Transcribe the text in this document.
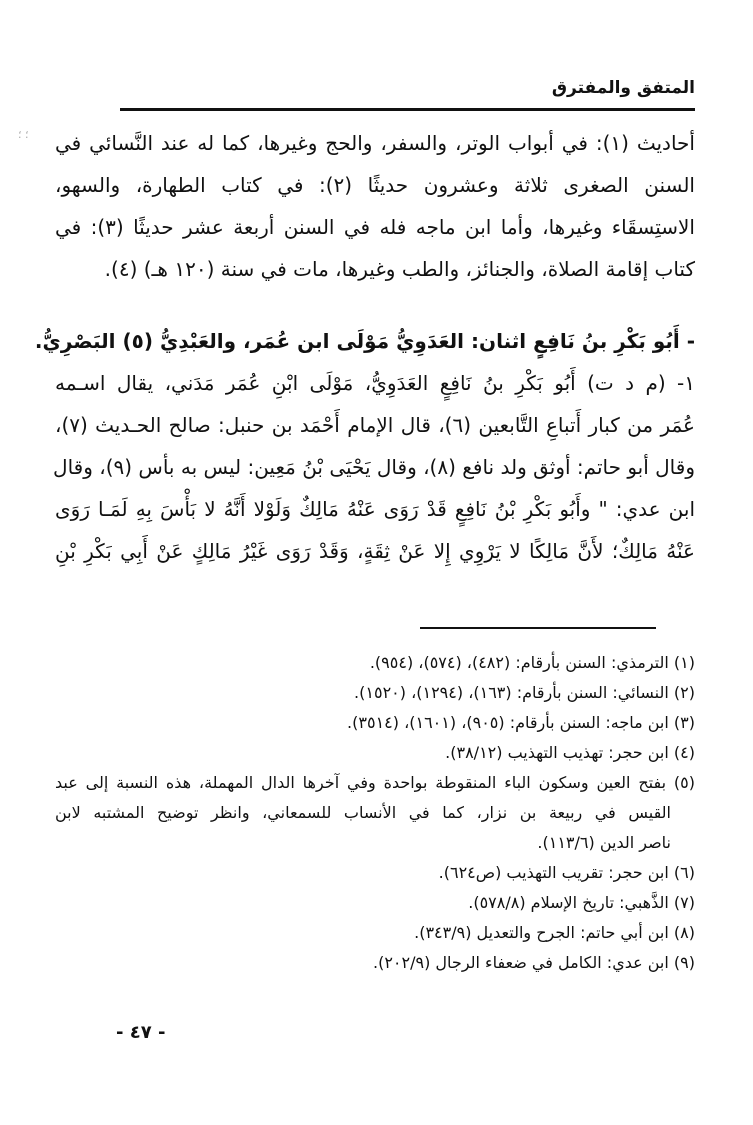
؛ ؛
المتفق والمفترق
أحاديث (١): في أبواب الوتر، والسفر، والحج وغيرها، كما له عند النَّسائي في
السنن الصغرى ثلاثة وعشرون حديثًا (٢): في كتاب الطهارة، والسهو،
الاستِسقَاء وغيرها، وأما ابن ماجه فله في السنن أربعة عشر حديثًا (٣): في
كتاب إقامة الصلاة، والجنائز، والطب وغيرها، مات في سنة (١٢٠ هـ) (٤).
- أَبُو بَكْرِ بنُ نَافِعٍ اثنان: العَدَوِيُّ مَوْلَى ابن عُمَر، والعَبْدِيُّ (٥) البَصْرِيُّ.
١- (م د ت) أَبُو بَكْرِ بنُ نَافِعٍ العَدَوِيُّ، مَوْلَى ابْنِ عُمَر مَدَني، يقال اسـمه
عُمَر من كبار أَتباعِ التَّابعين (٦)، قال الإمام أَحْمَد بن حنبل: صالح الحـديث (٧)،
وقال أبو حاتم: أوثق ولد نافع (٨)، وقال يَحْيَى بْنُ مَعِين: ليس به بأس (٩)، وقال
ابن عدي: " وأَبُو بَكْرِ بْنُ نَافِعٍ قَدْ رَوَى عَنْهُ مَالِكٌ وَلَوْلا أَنَّهُ لا بَأْسَ بِهِ لَمَـا رَوَى
عَنْهُ مَالِكٌ؛ لأَنَّ مَالِكًا لا يَرْوِي إِلا عَنْ ثِقَةٍ، وَقَدْ رَوَى غَيْرُ مَالِكٍ عَنْ أَبِي بَكْرِ بْنِ
(١) الترمذي: السنن بأرقام: (٤٨٢)، (٥٧٤)، (٩٥٤).
(٢) النسائي: السنن بأرقام: (١٦٣)، (١٢٩٤)، (١٥٢٠).
(٣) ابن ماجه: السنن بأرقام: (٩٠٥)، (١٦٠١)، (٣٥١٤).
(٤) ابن حجر: تهذيب التهذيب (٣٨/١٢).
(٥) بفتح العين وسكون الباء المنقوطة بواحدة وفي آخرها الدال المهملة، هذه النسبة إلى عبد
القيس في ربيعة بن نزار، كما في الأنساب للسمعاني، وانظر توضيح المشتبه لابن
ناصر الدين (١١٣/٦).
(٦) ابن حجر: تقريب التهذيب (ص٦٢٤).
(٧) الذَّهبي: تاريخ الإسلام (٥٧٨/٨).
(٨) ابن أبي حاتم: الجرح والتعديل (٣٤٣/٩).
(٩) ابن عدي: الكامل في ضعفاء الرجال (٢٠٢/٩).
- ٤٧ -
